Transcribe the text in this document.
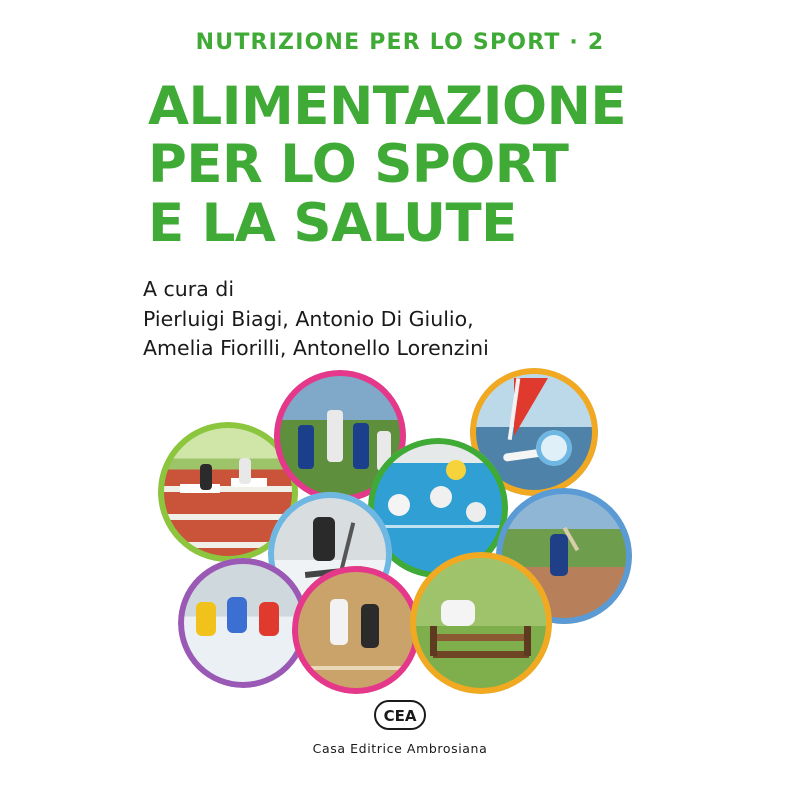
NUTRIZIONE PER LO SPORT · 2
ALIMENTAZIONE
PER LO SPORT
E LA SALUTE
A cura di
Pierluigi Biagi, Antonio Di Giulio,
Amelia Fiorilli, Antonello Lorenzini
CEA
Casa Editrice Ambrosiana
